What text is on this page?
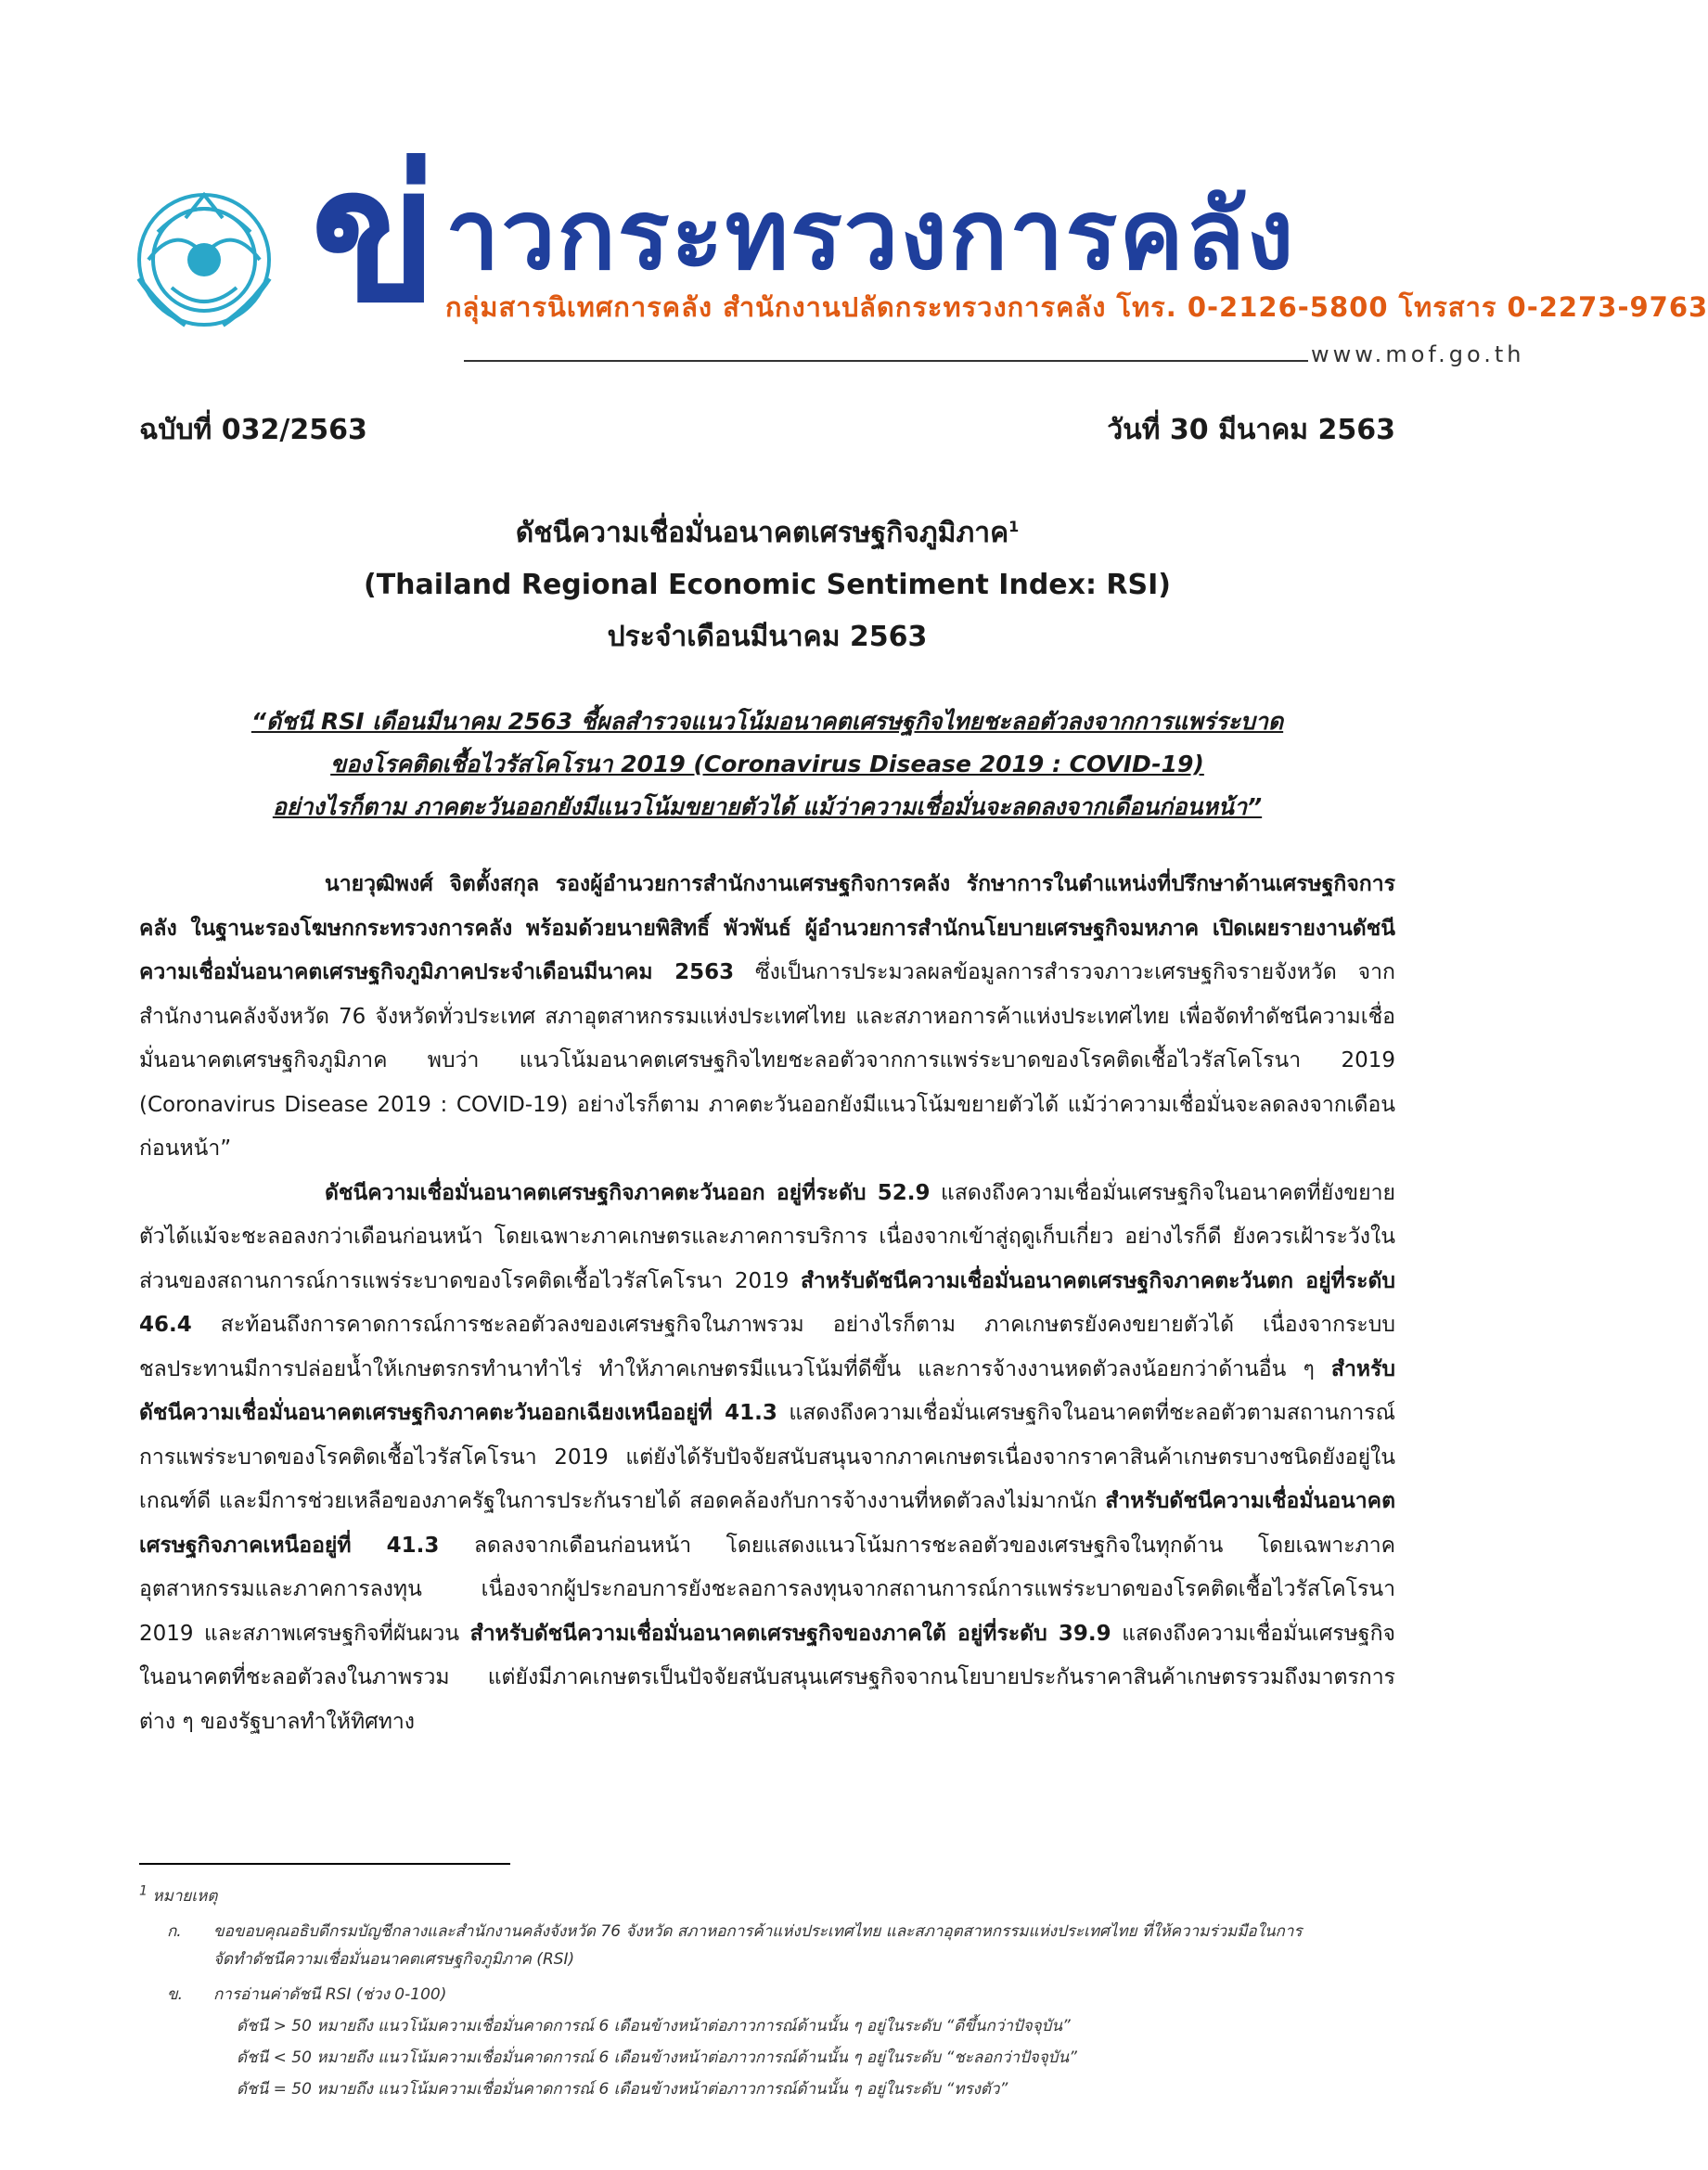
ข่ าวกระทรวงการคลัง
กลุ่มสารนิเทศการคลัง สำนักงานปลัดกระทรวงการคลัง โทร. 0-2126-5800 โทรสาร 0-2273-9763
www.mof.go.th
ฉบับที่ 032/2563	วันที่ 30 มีนาคม 2563
ดัชนีความเชื่อมั่นอนาคตเศรษฐกิจภูมิภาค$^1$
(Thailand Regional Economic Sentiment Index: RSI)
ประจำเดือนมีนาคม 2563
“ดัชนี RSI เดือนมีนาคม 2563 ชี้ผลสำรวจแนวโน้มอนาคตเศรษฐกิจไทยชะลอตัวลงจากการแพร่ระบาด
ของโรคติดเชื้อไวรัสโคโรนา 2019 (Coronavirus Disease 2019 : COVID-19)
อย่างไรก็ตาม ภาคตะวันออกยังมีแนวโน้มขยายตัวได้ แม้ว่าความเชื่อมั่นจะลดลงจากเดือนก่อนหน้า”

นายวุฒิพงศ์ จิตตั้งสกุล รองผู้อำนวยการสำนักงานเศรษฐกิจการคลัง รักษาการในตำแหน่งที่ปรึกษาด้านเศรษฐกิจการคลัง ในฐานะรองโฆษกกระทรวงการคลัง พร้อมด้วยนายพิสิทธิ์ พัวพันธ์ ผู้อำนวยการสำนักนโยบายเศรษฐกิจมหภาค เปิดเผยรายงานดัชนีความเชื่อมั่นอนาคตเศรษฐกิจภูมิภาคประจำเดือนมีนาคม 2563 ซึ่งเป็นการประมวลผลข้อมูลการสำรวจภาวะเศรษฐกิจรายจังหวัด จากสำนักงานคลังจังหวัด 76 จังหวัดทั่วประเทศ สภาอุตสาหกรรมแห่งประเทศไทย และสภาหอการค้าแห่งประเทศไทย เพื่อจัดทำดัชนีความเชื่อมั่นอนาคตเศรษฐกิจภูมิภาค พบว่า แนวโน้มอนาคตเศรษฐกิจไทยชะลอตัวจากการแพร่ระบาดของโรคติดเชื้อไวรัสโคโรนา 2019 (Coronavirus Disease 2019 : COVID-19) อย่างไรก็ตาม ภาคตะวันออกยังมีแนวโน้มขยายตัวได้ แม้ว่าความเชื่อมั่นจะลดลงจากเดือนก่อนหน้า”

ดัชนีความเชื่อมั่นอนาคตเศรษฐกิจภาคตะวันออก อยู่ที่ระดับ 52.9 แสดงถึงความเชื่อมั่นเศรษฐกิจในอนาคตที่ยังขยายตัวได้แม้จะชะลอลงกว่าเดือนก่อนหน้า โดยเฉพาะภาคเกษตรและภาคการบริการ เนื่องจากเข้าสู่ฤดูเก็บเกี่ยว อย่างไรก็ดี ยังควรเฝ้าระวังในส่วนของสถานการณ์การแพร่ระบาดของโรคติดเชื้อไวรัสโคโรนา 2019 สำหรับดัชนีความเชื่อมั่นอนาคตเศรษฐกิจภาคตะวันตก อยู่ที่ระดับ 46.4 สะท้อนถึงการคาดการณ์การชะลอตัวลงของเศรษฐกิจในภาพรวม อย่างไรก็ตาม ภาคเกษตรยังคงขยายตัวได้ เนื่องจากระบบชลประทานมีการปล่อยน้ำให้เกษตรกรทำนาทำไร่ ทำให้ภาคเกษตรมีแนวโน้มที่ดีขึ้น และการจ้างงานหดตัวลงน้อยกว่าด้านอื่น ๆ สำหรับดัชนีความเชื่อมั่นอนาคตเศรษฐกิจภาคตะวันออกเฉียงเหนืออยู่ที่ 41.3 แสดงถึงความเชื่อมั่นเศรษฐกิจในอนาคตที่ชะลอตัวตามสถานการณ์การแพร่ระบาดของโรคติดเชื้อไวรัสโคโรนา 2019 แต่ยังได้รับปัจจัยสนับสนุนจากภาคเกษตรเนื่องจากราคาสินค้าเกษตรบางชนิดยังอยู่ในเกณฑ์ดี และมีการช่วยเหลือของภาครัฐในการประกันรายได้ สอดคล้องกับการจ้างงานที่หดตัวลงไม่มากนัก สำหรับดัชนีความเชื่อมั่นอนาคตเศรษฐกิจภาคเหนืออยู่ที่ 41.3 ลดลงจากเดือนก่อนหน้า โดยแสดงแนวโน้มการชะลอตัวของเศรษฐกิจในทุกด้าน โดยเฉพาะภาคอุตสาหกรรมและภาคการลงทุน เนื่องจากผู้ประกอบการยังชะลอการลงทุนจากสถานการณ์การแพร่ระบาดของโรคติดเชื้อไวรัสโคโรนา 2019 และสภาพเศรษฐกิจที่ผันผวน สำหรับดัชนีความเชื่อมั่นอนาคตเศรษฐกิจของภาคใต้ อยู่ที่ระดับ 39.9 แสดงถึงความเชื่อมั่นเศรษฐกิจในอนาคตที่ชะลอตัวลงในภาพรวม แต่ยังมีภาคเกษตรเป็นปัจจัยสนับสนุนเศรษฐกิจจากนโยบายประกันราคาสินค้าเกษตรรวมถึงมาตรการต่าง ๆ ของรัฐบาลทำให้ทิศทาง

$^1$ หมายเหตุ
ก. ขอขอบคุณอธิบดีกรมบัญชีกลางและสำนักงานคลังจังหวัด 76 จังหวัด สภาหอการค้าแห่งประเทศไทย และสภาอุตสาหกรรมแห่งประเทศไทย ที่ให้ความร่วมมือในการ
จัดทำดัชนีความเชื่อมั่นอนาคตเศรษฐกิจภูมิภาค (RSI)
ข. การอ่านค่าดัชนี RSI (ช่วง 0-100)
ดัชนี > 50 หมายถึง แนวโน้มความเชื่อมั่นคาดการณ์ 6 เดือนข้างหน้าต่อภาวการณ์ด้านนั้น ๆ อยู่ในระดับ “ดีขึ้นกว่าปัจจุบัน”
ดัชนี < 50 หมายถึง แนวโน้มความเชื่อมั่นคาดการณ์ 6 เดือนข้างหน้าต่อภาวการณ์ด้านนั้น ๆ อยู่ในระดับ “ชะลอกว่าปัจจุบัน”
ดัชนี = 50 หมายถึง แนวโน้มความเชื่อมั่นคาดการณ์ 6 เดือนข้างหน้าต่อภาวการณ์ด้านนั้น ๆ อยู่ในระดับ “ทรงตัว”
